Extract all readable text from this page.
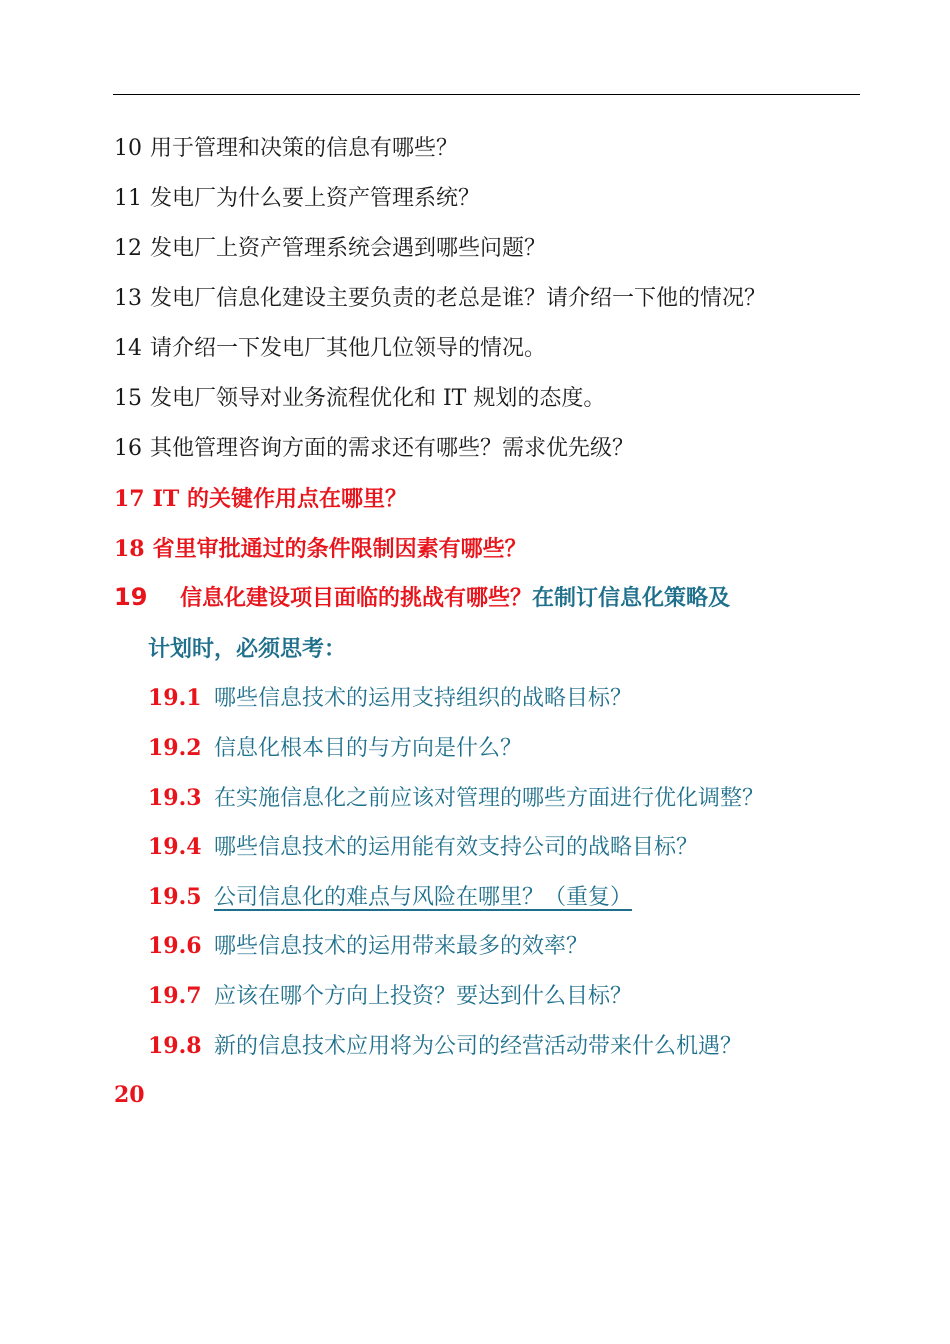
10 用于管理和决策的信息有哪些？
11 发电厂为什么要上资产管理系统？
12 发电厂上资产管理系统会遇到哪些问题？
13 发电厂信息化建设主要负责的老总是谁？请介绍一下他的情况？
14 请介绍一下发电厂其他几位领导的情况。
15 发电厂领导对业务流程优化和 IT 规划的态度。
16 其他管理咨询方面的需求还有哪些？需求优先级？
17 IT 的关键作用点在哪里？
18 省里审批通过的条件限制因素有哪些？
19 信息化建设项目面临的挑战有哪些？在制订信息化策略及
计划时，必须思考：
19.1 哪些信息技术的运用支持组织的战略目标？
19.2 信息化根本目的与方向是什么？
19.3 在实施信息化之前应该对管理的哪些方面进行优化调整？
19.4 哪些信息技术的运用能有效支持公司的战略目标？
19.5 公司信息化的难点与风险在哪里？（重复）
19.6 哪些信息技术的运用带来最多的效率？
19.7 应该在哪个方向上投资？要达到什么目标？
19.8 新的信息技术应用将为公司的经营活动带来什么机遇？
20
